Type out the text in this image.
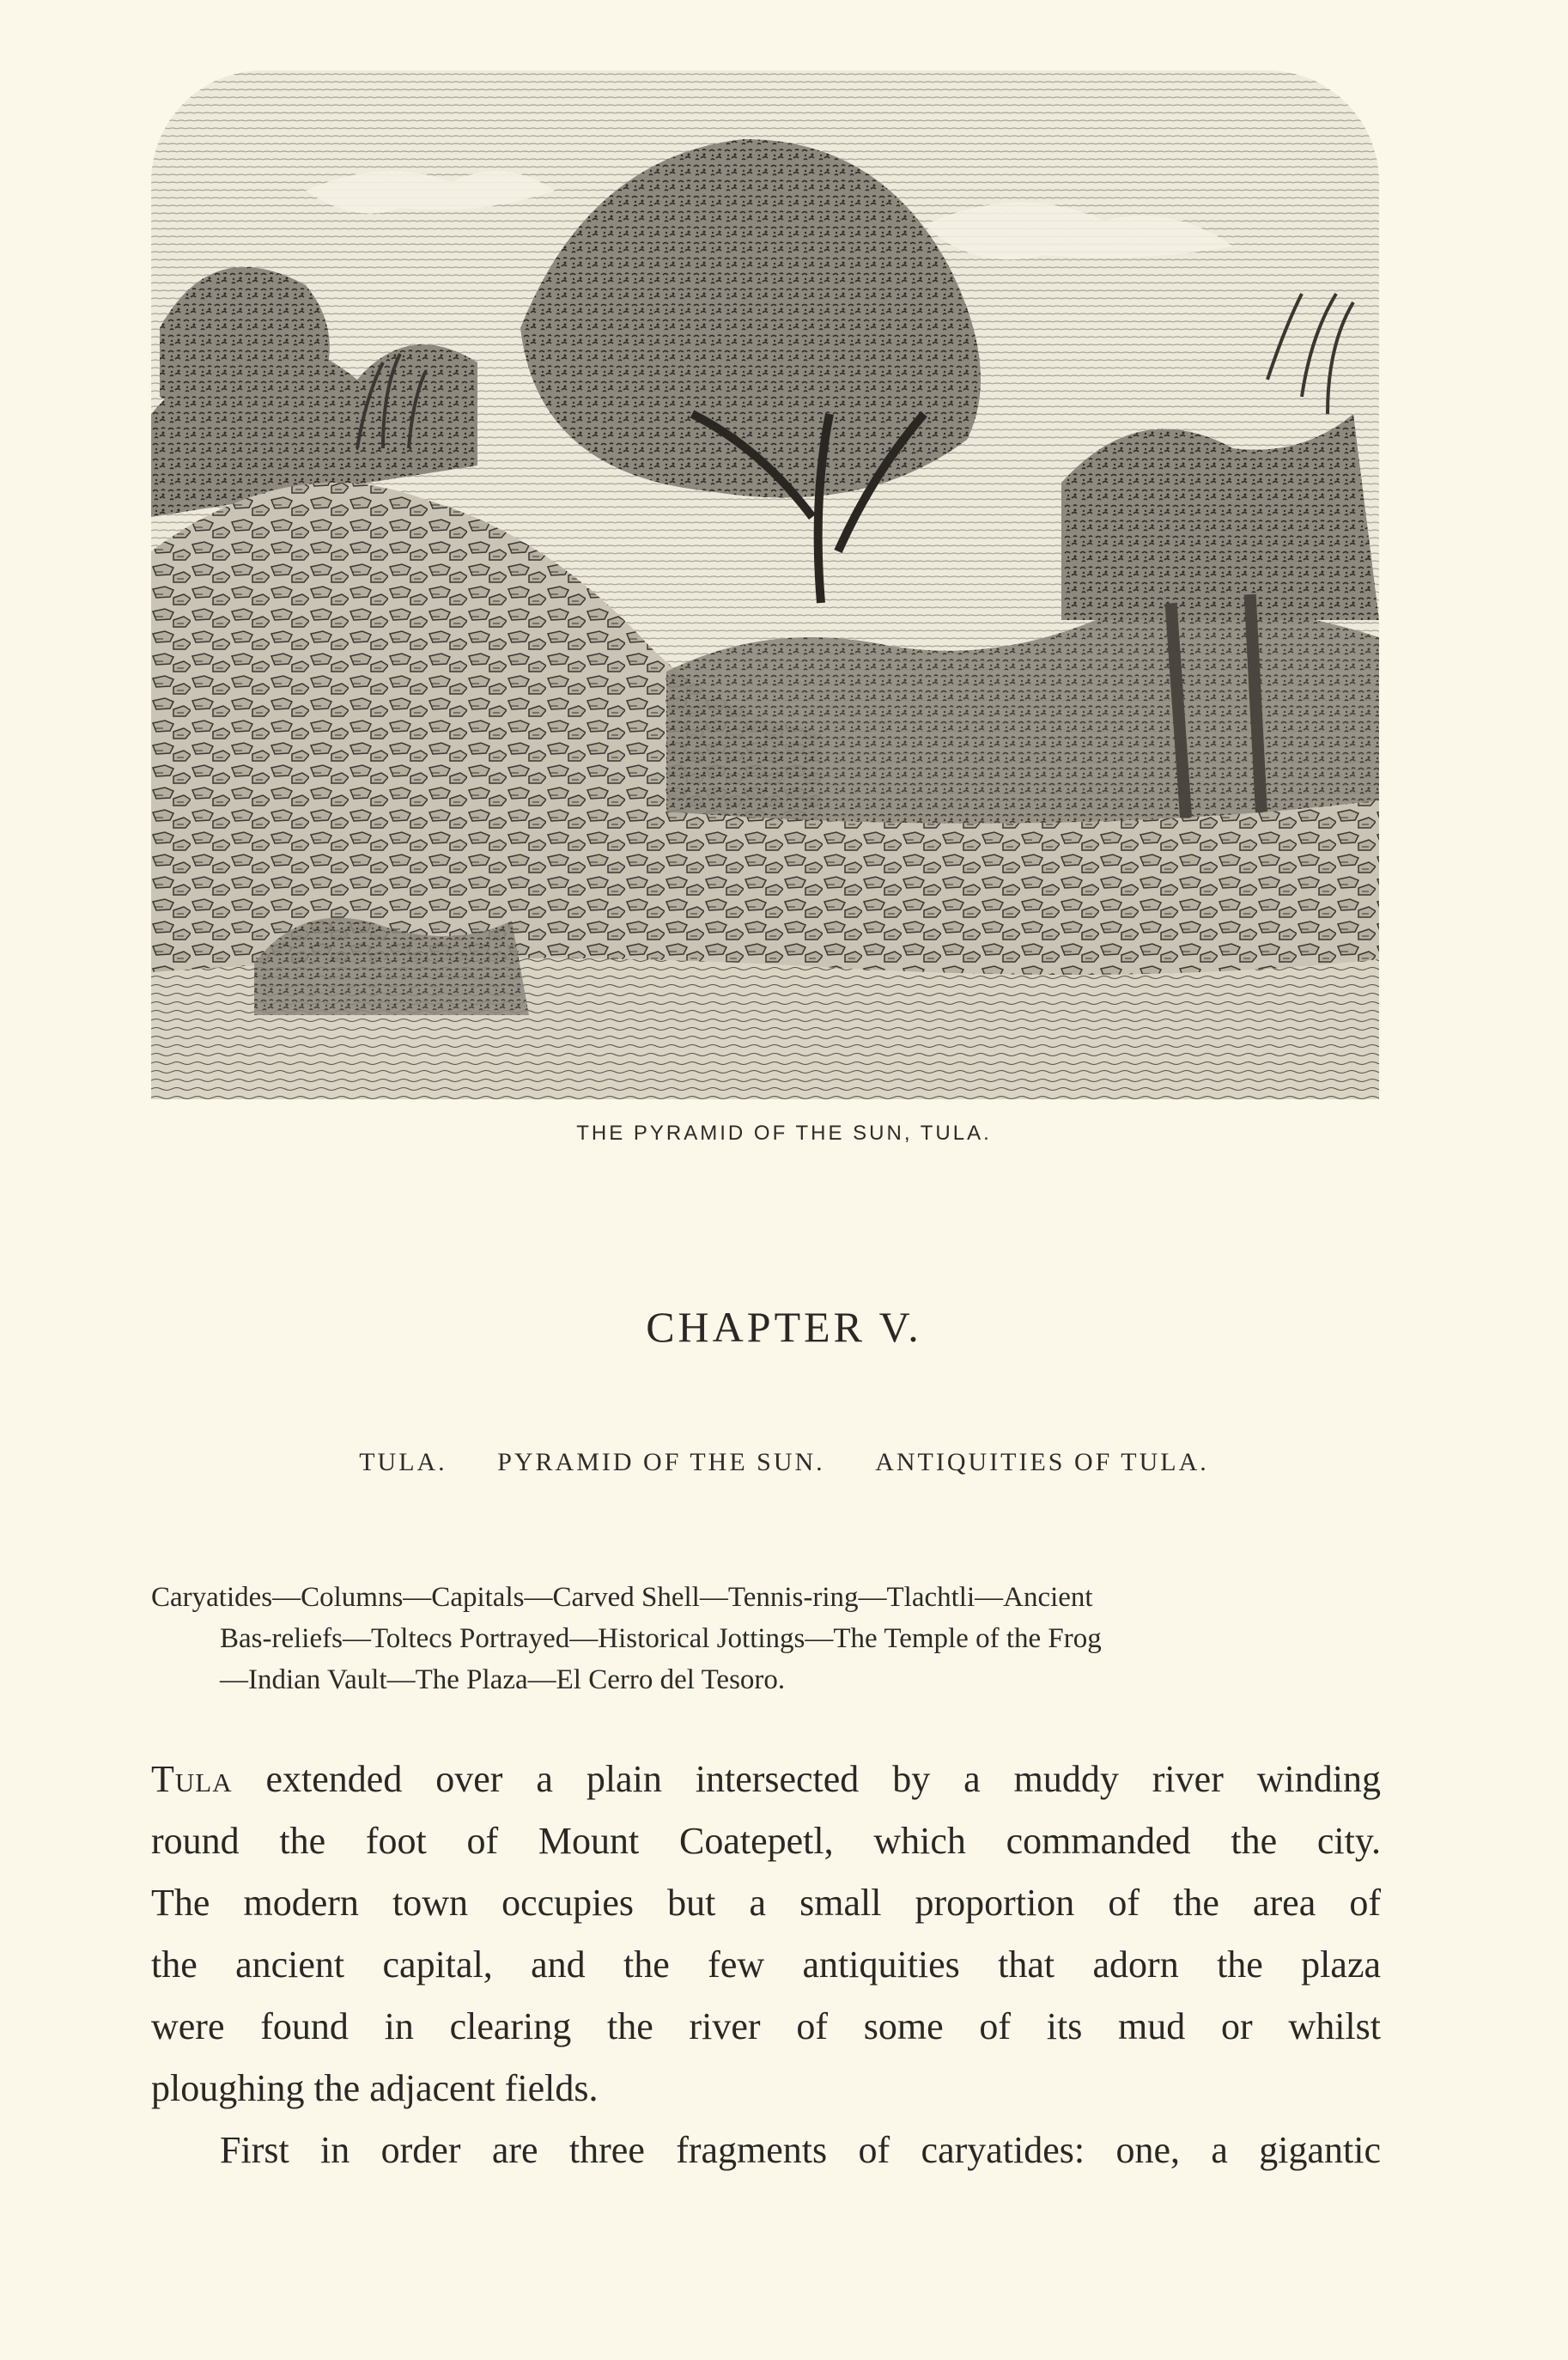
THE PYRAMID OF THE SUN, TULA.
CHAPTER V.
TULA. PYRAMID OF THE SUN. ANTIQUITIES OF TULA.
Caryatides—Columns—Capitals—Carved Shell—Tennis-ring—Tlachtli—Ancient
Bas-reliefs—Toltecs Portrayed—Historical Jottings—The Temple of the Frog
—Indian Vault—The Plaza—El Cerro del Tesoro.
Tula extended over a plain intersected by a muddy river winding
round the foot of Mount Coatepetl, which commanded the city.
The modern town occupies but a small proportion of the area of
the ancient capital, and the few antiquities that adorn the plaza
were found in clearing the river of some of its mud or whilst
ploughing the adjacent fields.
First in order are three fragments of caryatides: one, a gigantic
